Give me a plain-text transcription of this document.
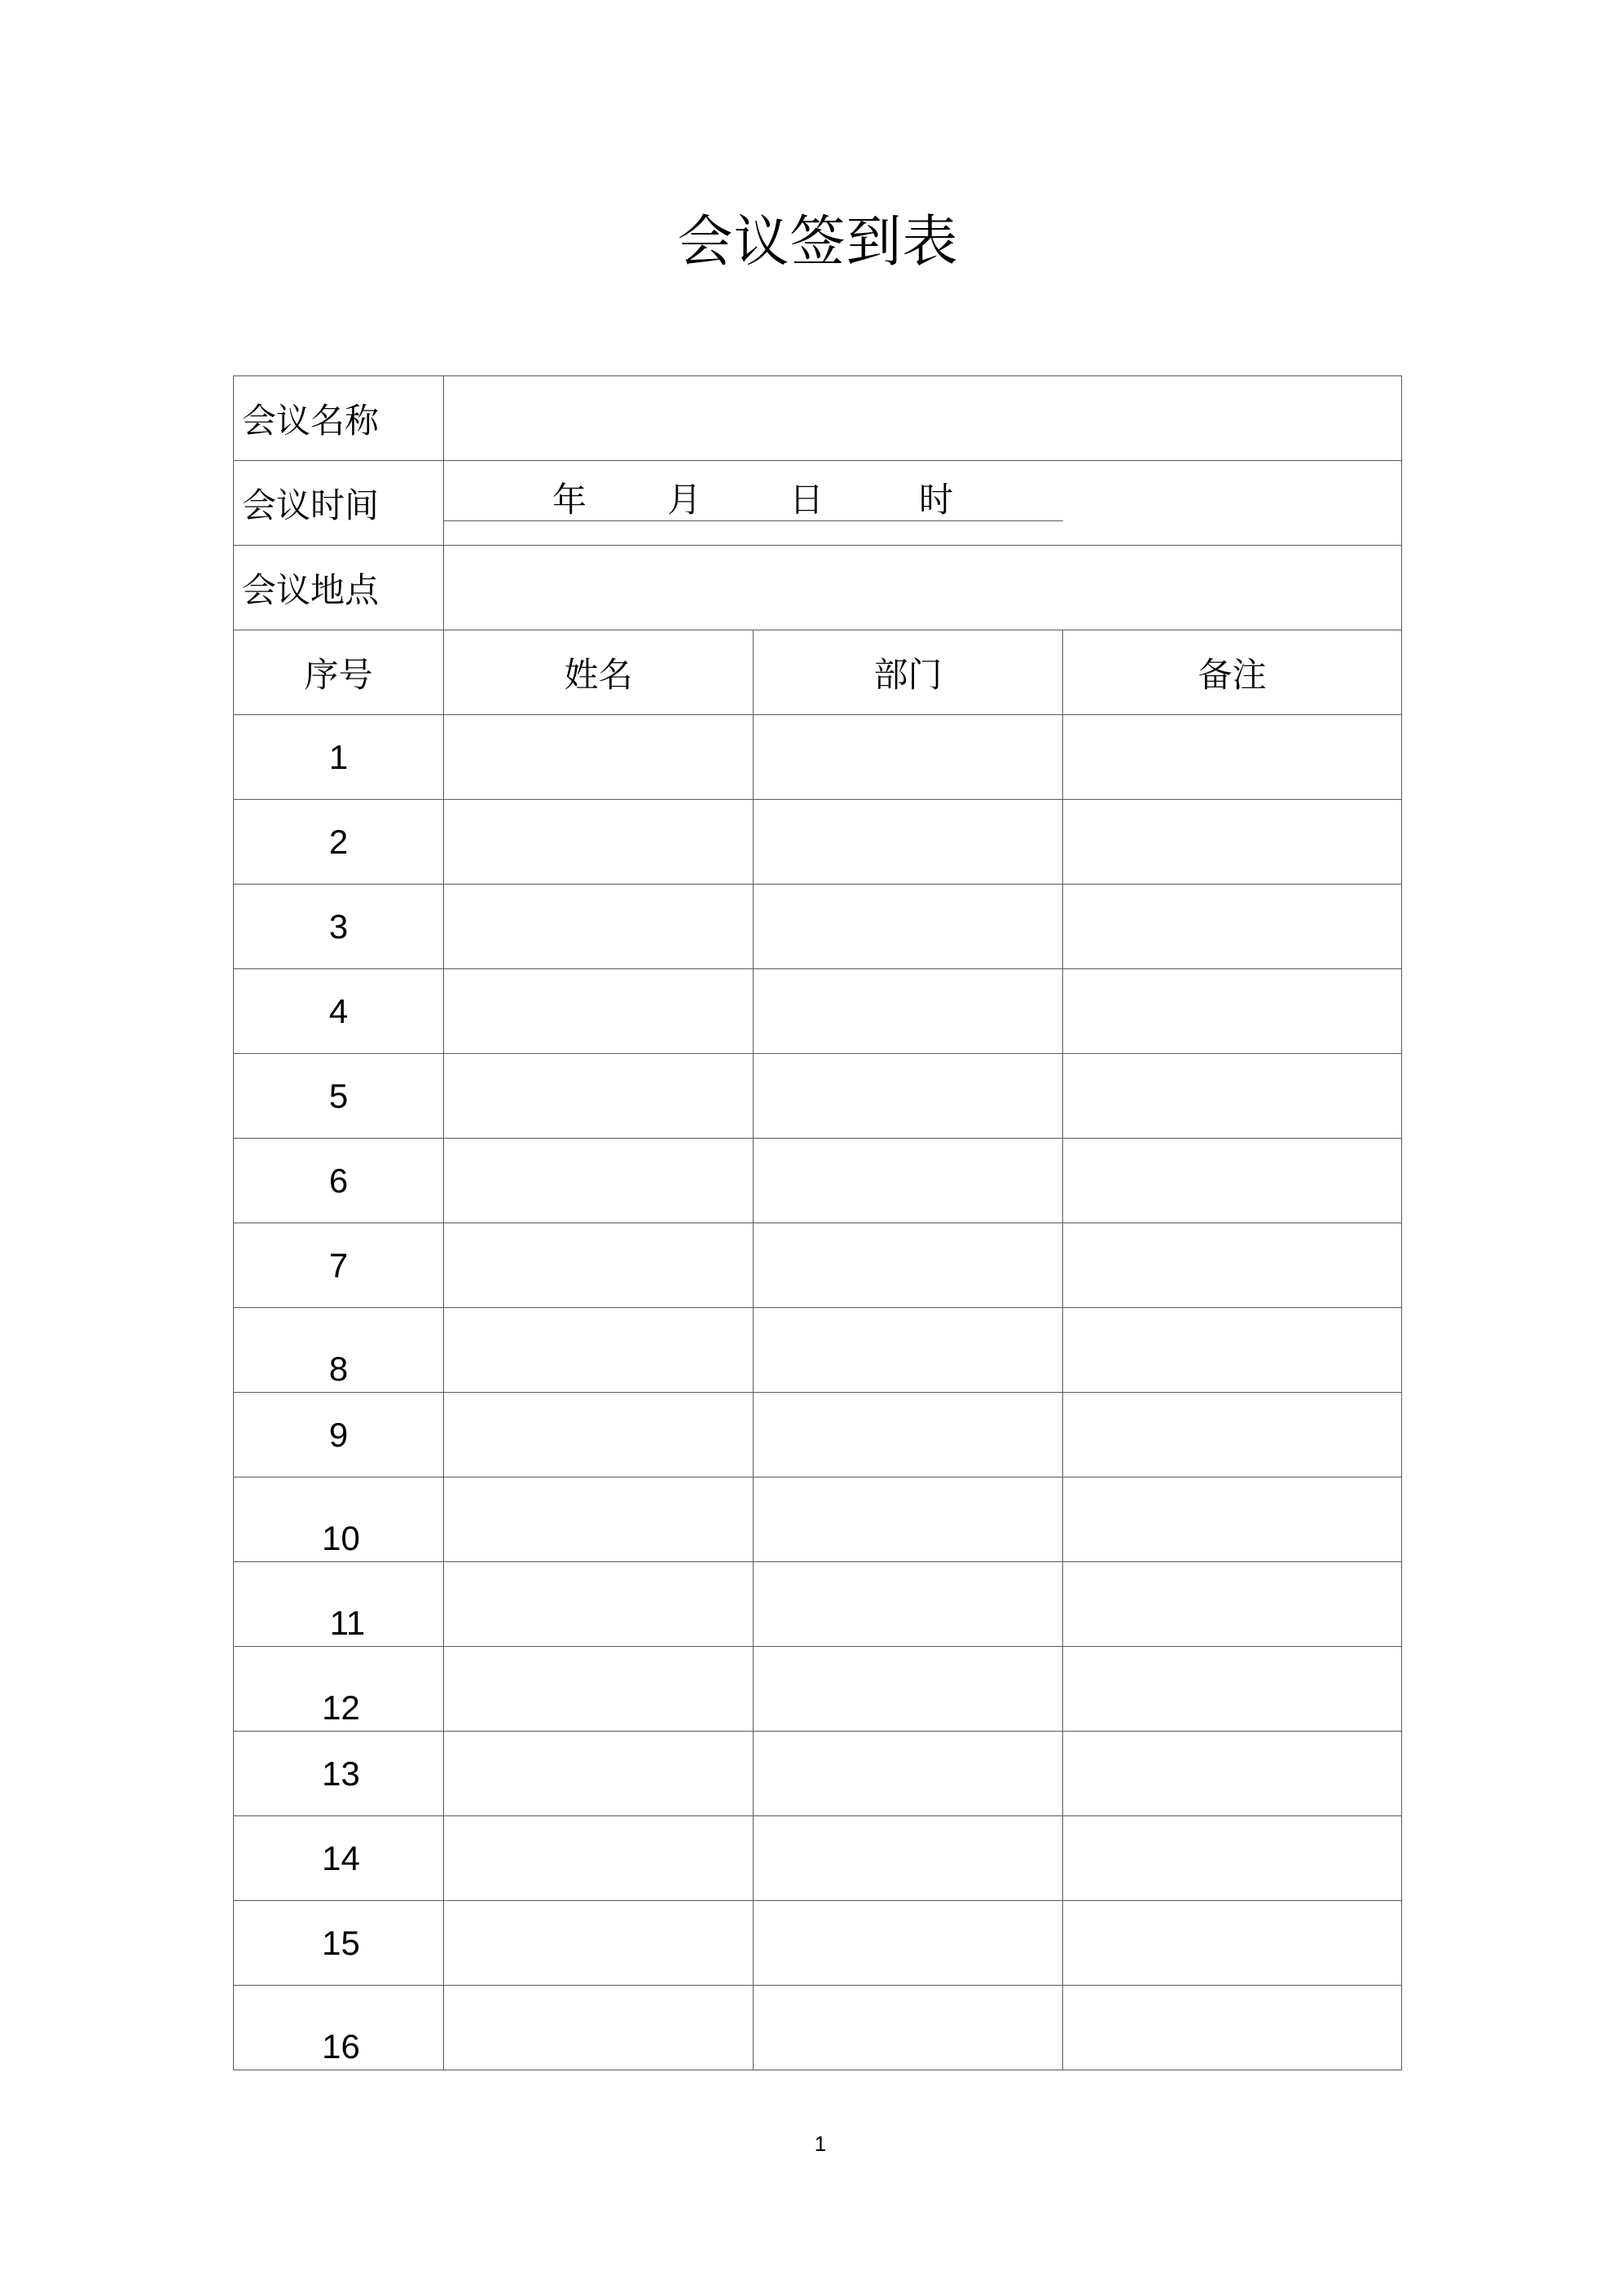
会议签到表
会议名称			
会议时间	年 月 日 时		

会议地点			
序号	姓名	部门	备注
1			
2			
3			
4			
5			
6			
7			
8			
9			
10			
11			
12			
13			
14			
15			
16			
1
